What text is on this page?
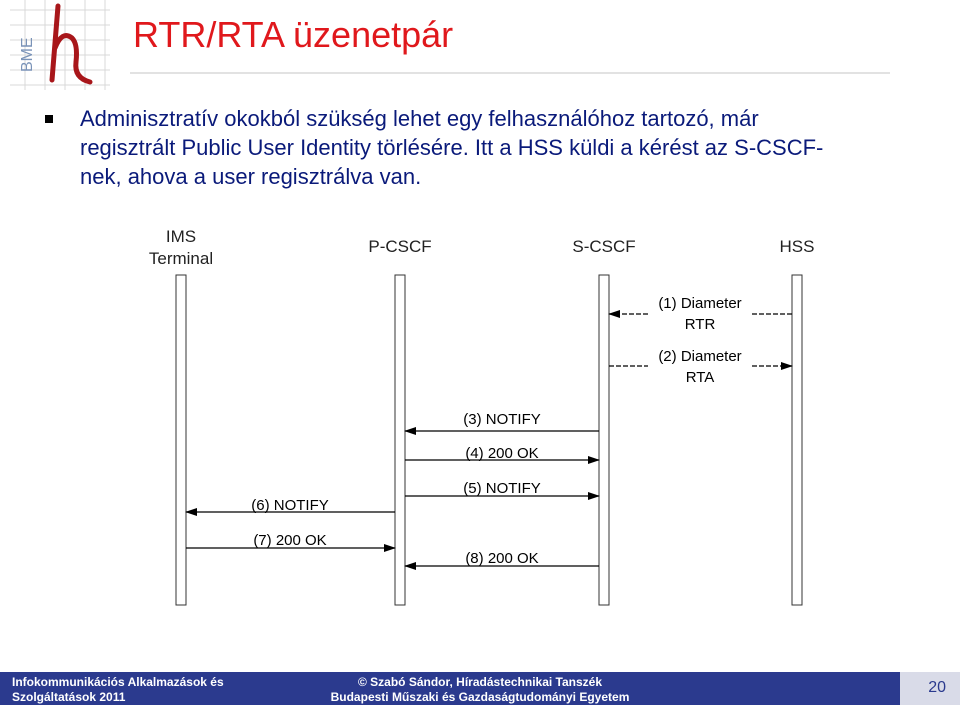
BME	RTR/RTA üzenetpár
Adminisztratív okokból szükség lehet egy felhasználóhoz tartozó, már
regisztrált Public User Identity törlésére. Itt a HSS küldi a kérést az S-CSCF-
nek, ahova a user regisztrálva van.
IMS
Terminal
P-CSCF	S-CSCF	HSS
(1) Diameter
RTR
(2) Diameter
RTA
(3) NOTIFY
(4) 200 OK
(5) NOTIFY
(6) NOTIFY
(7) 200 OK
(8) 200 OK
Infokommunikációs Alkalmazások és
Szolgáltatások 2011
© Szabó Sándor, Híradástechnikai Tanszék
Budapesti Műszaki és Gazdaságtudományi Egyetem
20
